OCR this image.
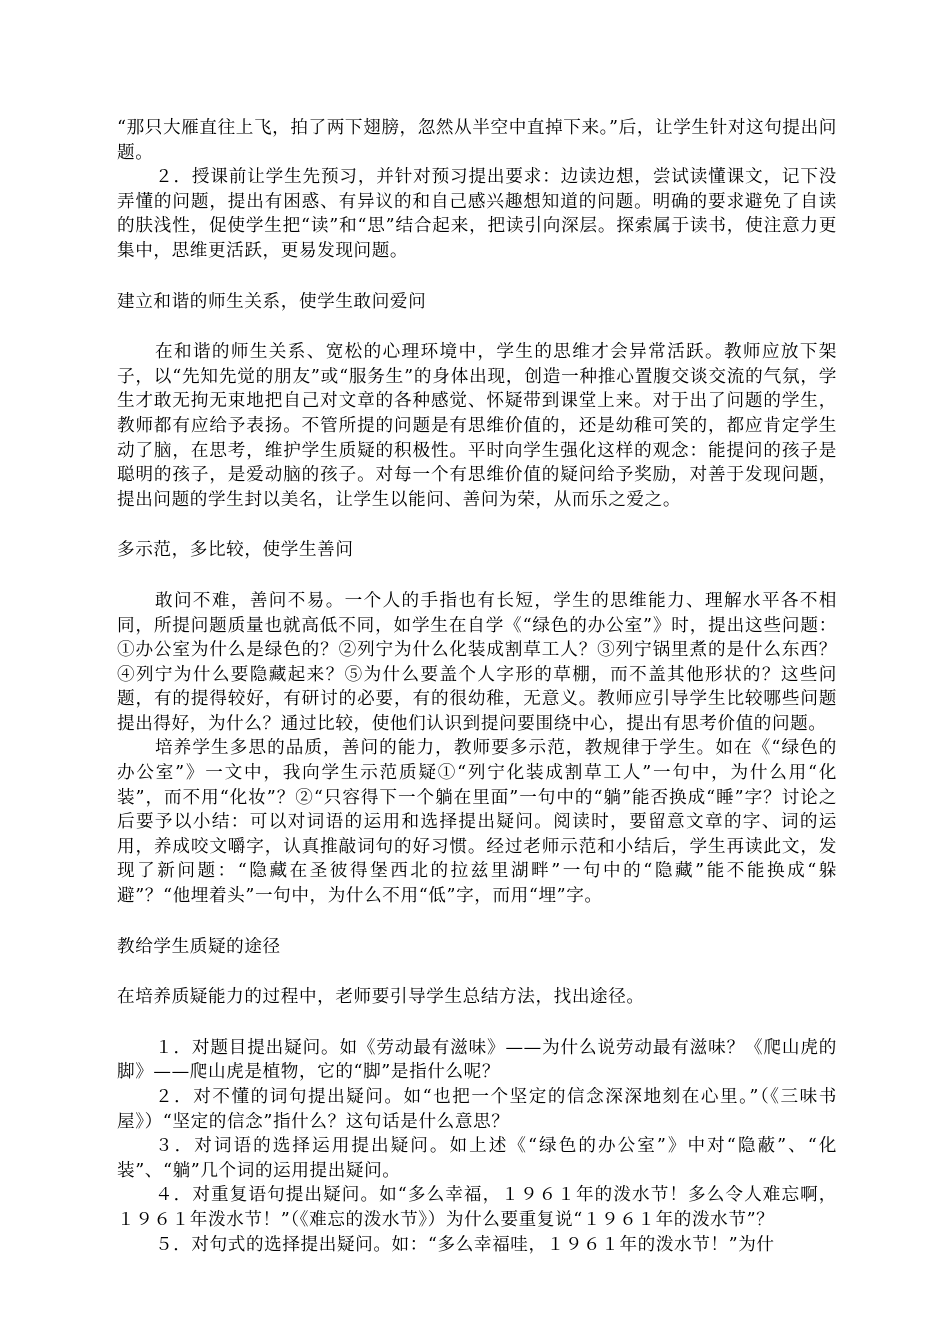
“那只大雁直往上飞，拍了两下翅膀，忽然从半空中直掉下来。”后，让学生针对这句提出问题。

２．授课前让学生先预习，并针对预习提出要求：边读边想，尝试读懂课文，记下没弄懂的问题，提出有困惑、有异议的和自己感兴趣想知道的问题。明确的要求避免了自读的肤浅性，促使学生把“读”和“思”结合起来，把读引向深层。探索属于读书，使注意力更集中，思维更活跃，更易发现问题。

建立和谐的师生关系，使学生敢问爱问

在和谐的师生关系、宽松的心理环境中，学生的思维才会异常活跃。教师应放下架子，以“先知先觉的朋友”或“服务生”的身体出现，创造一种推心置腹交谈交流的气氛，学生才敢无拘无束地把自己对文章的各种感觉、怀疑带到课堂上来。对于出了问题的学生，教师都有应给予表扬。不管所提的问题是有思维价值的，还是幼稚可笑的，都应肯定学生动了脑，在思考，维护学生质疑的积极性。平时向学生强化这样的观念：能提问的孩子是聪明的孩子，是爱动脑的孩子。对每一个有思维价值的疑问给予奖励，对善于发现问题，提出问题的学生封以美名，让学生以能问、善问为荣，从而乐之爱之。

多示范，多比较，使学生善问

敢问不难，善问不易。一个人的手指也有长短，学生的思维能力、理解水平各不相同，所提问题质量也就高低不同，如学生在自学《“绿色的办公室”》时，提出这些问题：①办公室为什么是绿色的？②列宁为什么化装成割草工人？③列宁锅里煮的是什么东西？④列宁为什么要隐藏起来？⑤为什么要盖个人字形的草棚，而不盖其他形状的？这些问题，有的提得较好，有研讨的必要，有的很幼稚，无意义。教师应引导学生比较哪些问题提出得好，为什么？通过比较，使他们认识到提问要围绕中心，提出有思考价值的问题。

培养学生多思的品质，善问的能力，教师要多示范，教规律于学生。如在《“绿色的办公室”》一文中，我向学生示范质疑①“列宁化装成割草工人”一句中，为什么用“化装”，而不用“化妆”？②“只容得下一个躺在里面”一句中的“躺”能否换成“睡”字？讨论之后要予以小结：可以对词语的运用和选择提出疑问。阅读时，要留意文章的字、词的运用，养成咬文嚼字，认真推敲词句的好习惯。经过老师示范和小结后，学生再读此文，发现了新问题：“隐藏在圣彼得堡西北的拉兹里湖畔”一句中的“隐藏”能不能换成“躲避”？“他埋着头”一句中，为什么不用“低”字，而用“埋”字。

教给学生质疑的途径

在培养质疑能力的过程中，老师要引导学生总结方法，找出途径。

１．对题目提出疑问。如《劳动最有滋味》——为什么说劳动最有滋味？《爬山虎的脚》——爬山虎是植物，它的“脚”是指什么呢？

２．对不懂的词句提出疑问。如“也把一个坚定的信念深深地刻在心里。”（《三味书屋》）“坚定的信念”指什么？这句话是什么意思？

３．对词语的选择运用提出疑问。如上述《“绿色的办公室”》中对“隐蔽”、“化装”、“躺”几个词的运用提出疑问。

４．对重复语句提出疑问。如“多么幸福，１９６１年的泼水节！多么令人难忘啊，１９６１年泼水节！”（《难忘的泼水节》）为什么要重复说“１９６１年的泼水节”？

５．对句式的选择提出疑问。如：“多么幸福哇，１９６１年的泼水节！”为什
